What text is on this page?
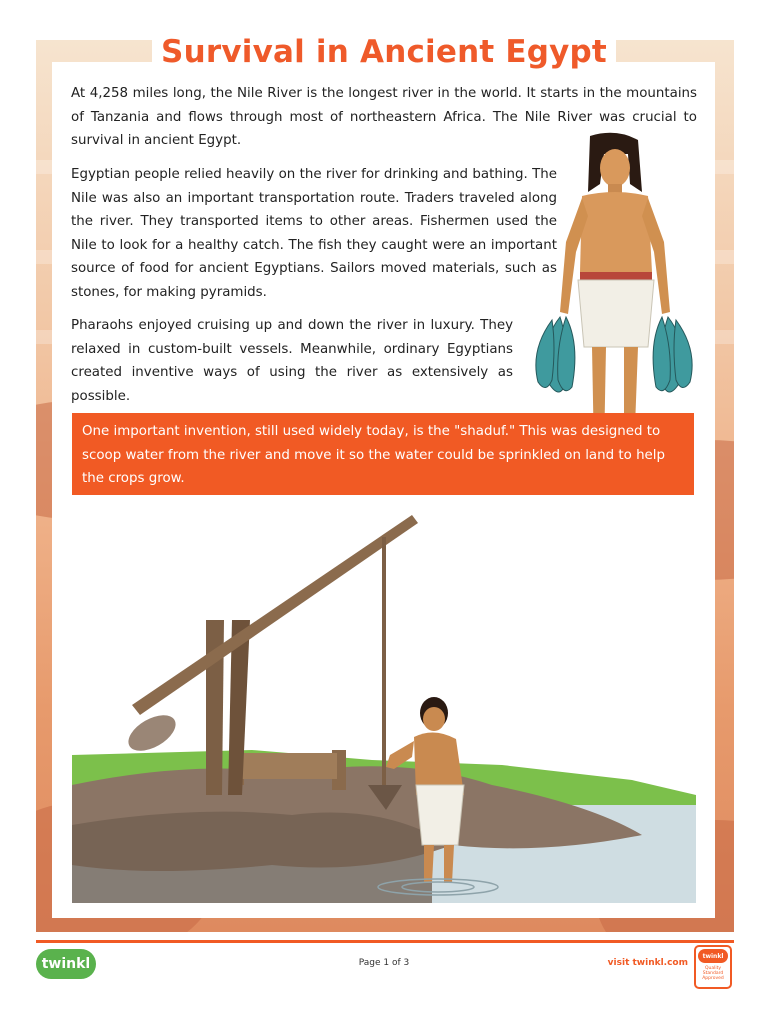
Survival in Ancient Egypt

At 4,258 miles long, the Nile River is the longest river in the world. It starts in the mountains of Tanzania and flows through most of northeastern Africa. The Nile River was crucial to survival in ancient Egypt.

Egyptian people relied heavily on the river for drinking and bathing. The Nile was also an important transportation route. Traders traveled along the river. They transported items to other areas. Fishermen used the Nile to look for a healthy catch. The fish they caught were an important source of food for ancient Egyptians. Sailors moved materials, such as stones, for making pyramids.

Pharaohs enjoyed cruising up and down the river in luxury. They relaxed in custom-built vessels. Meanwhile, ordinary Egyptians created inventive ways of using the river as extensively as possible.

One important invention, still used widely today, is the "shaduf." This was designed to scoop water from the river and move it so the water could be sprinkled on land to help the crops grow.
twinkl	Page 1 of 3	visit twinkl.com
twinkl
Quality Standard Approved
